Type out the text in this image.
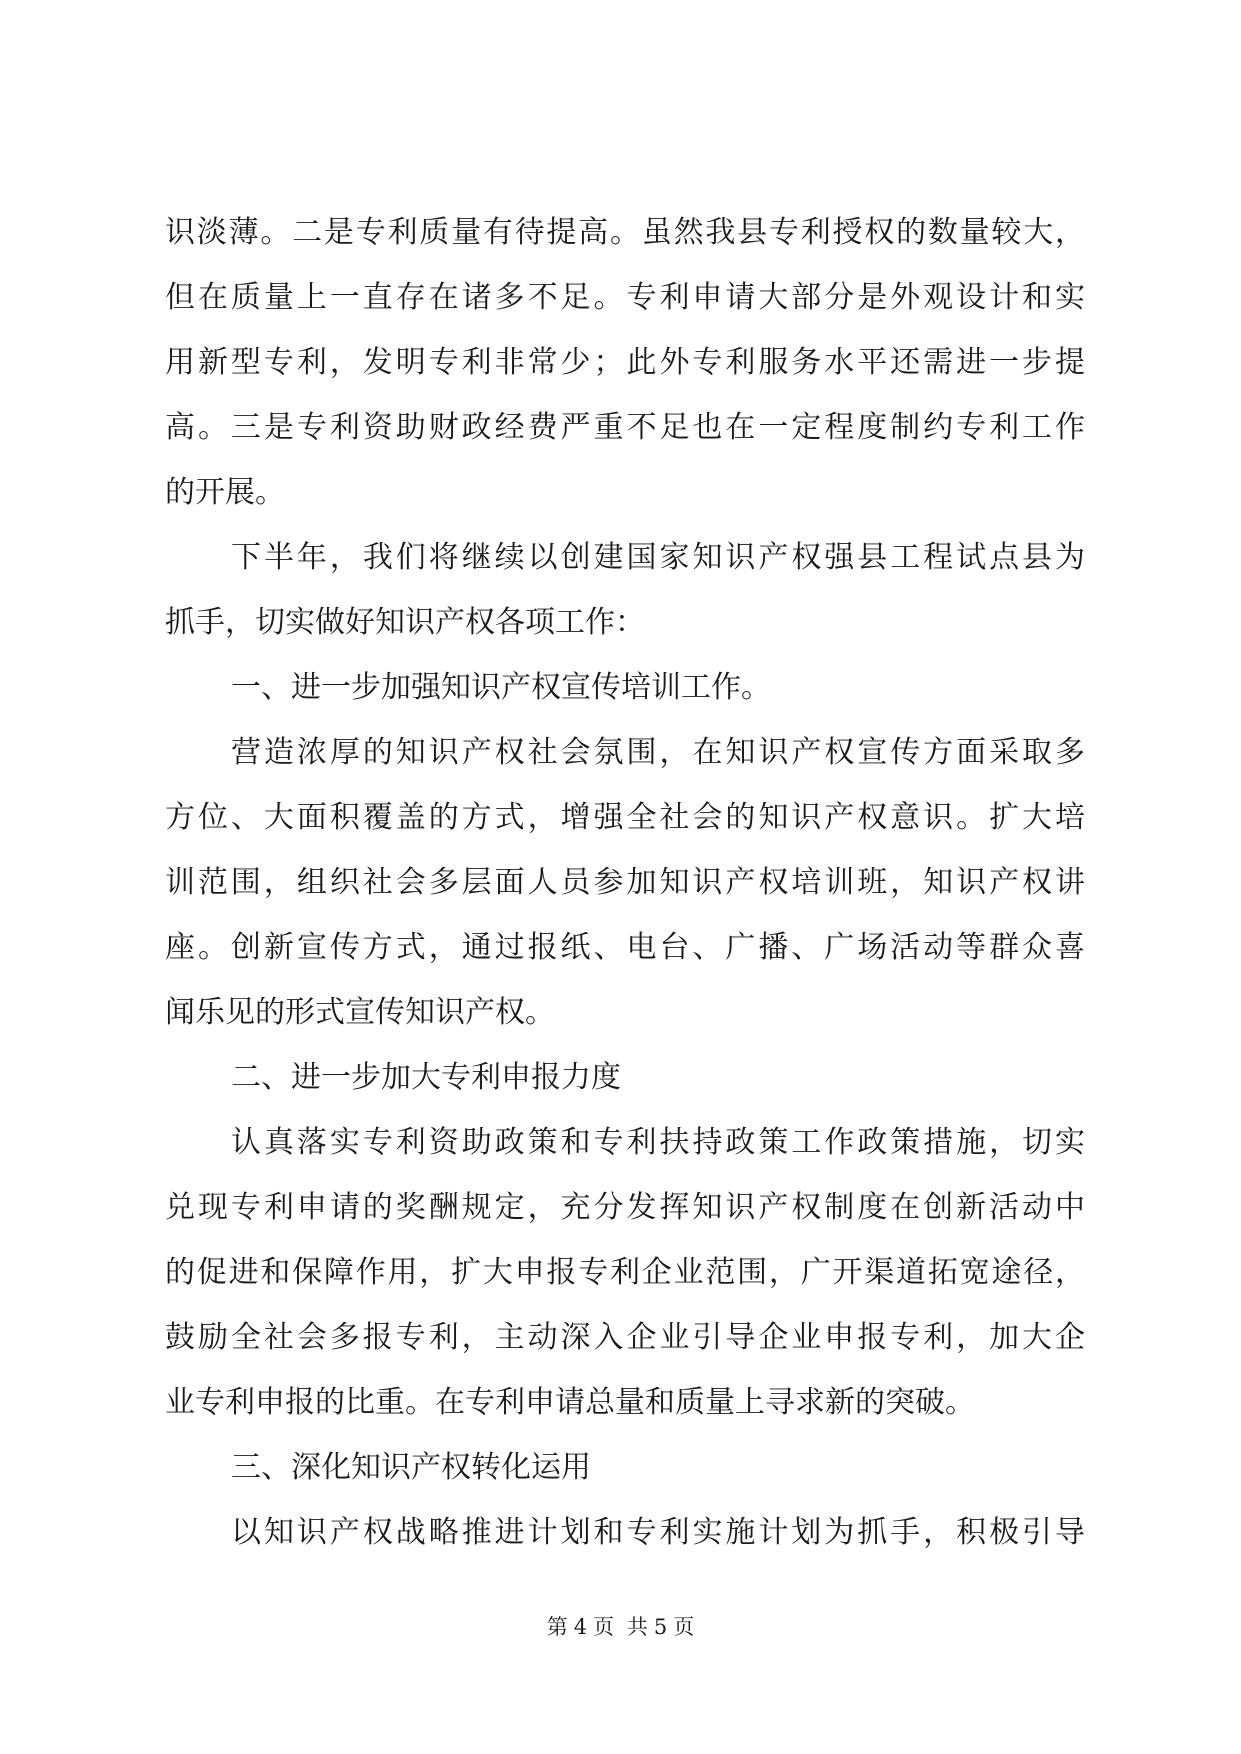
识淡薄。二是专利质量有待提高。虽然我县专利授权的数量较大，
但在质量上一直存在诸多不足。专利申请大部分是外观设计和实
用新型专利，发明专利非常少；此外专利服务水平还需进一步提
高。三是专利资助财政经费严重不足也在一定程度制约专利工作
的开展。
下半年，我们将继续以创建国家知识产权强县工程试点县为
抓手，切实做好知识产权各项工作：
一、进一步加强知识产权宣传培训工作。
营造浓厚的知识产权社会氛围，在知识产权宣传方面采取多
方位、大面积覆盖的方式，增强全社会的知识产权意识。扩大培
训范围，组织社会多层面人员参加知识产权培训班，知识产权讲
座。创新宣传方式，通过报纸、电台、广播、广场活动等群众喜
闻乐见的形式宣传知识产权。
二、进一步加大专利申报力度
认真落实专利资助政策和专利扶持政策工作政策措施，切实
兑现专利申请的奖酬规定，充分发挥知识产权制度在创新活动中
的促进和保障作用，扩大申报专利企业范围，广开渠道拓宽途径，
鼓励全社会多报专利，主动深入企业引导企业申报专利，加大企
业专利申报的比重。在专利申请总量和质量上寻求新的突破。
三、深化知识产权转化运用
以知识产权战略推进计划和专利实施计划为抓手，积极引导
第 4 页 共 5 页
